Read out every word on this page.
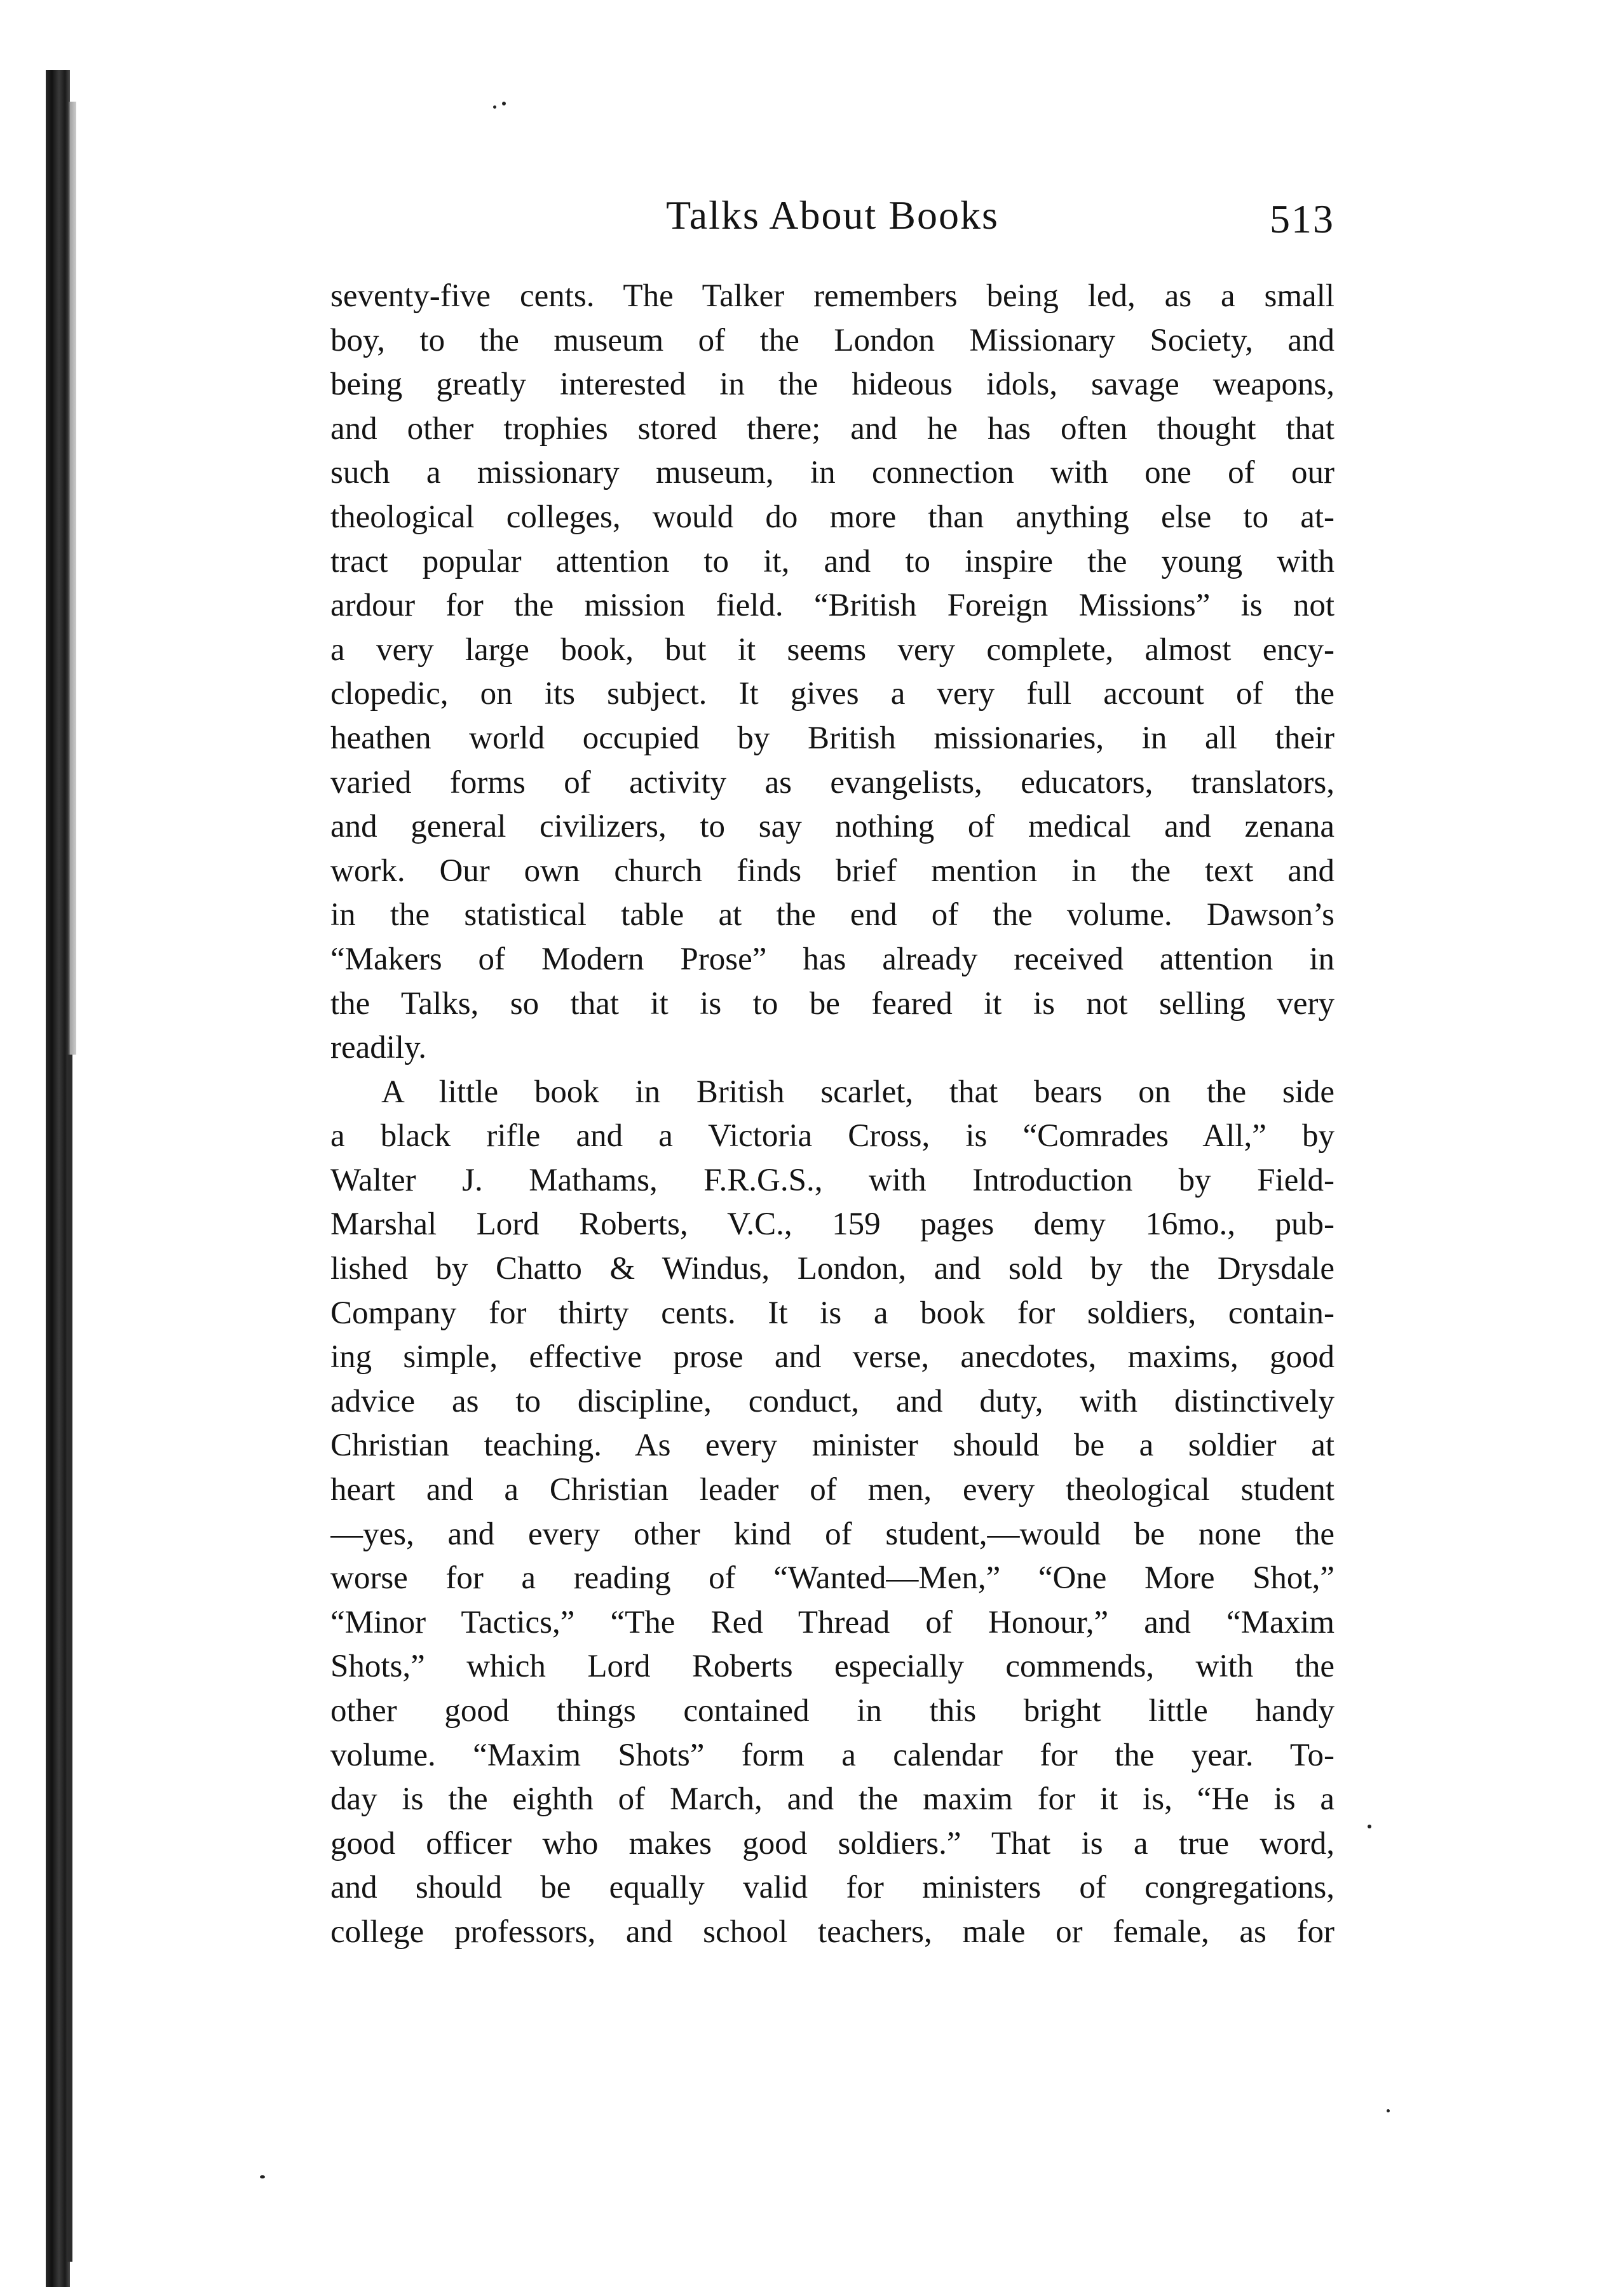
Talks About Books	513
seventy-five cents. The Talker remembers being led, as a small
boy, to the museum of the London Missionary Society, and
being greatly interested in the hideous idols, savage weapons,
and other trophies stored there; and he has often thought that
such a missionary museum, in connection with one of our
theological colleges, would do more than anything else to at-
tract popular attention to it, and to inspire the young with
ardour for the mission field. “British Foreign Missions” is not
a very large book, but it seems very complete, almost ency-
clopedic, on its subject. It gives a very full account of the
heathen world occupied by British missionaries, in all their
varied forms of activity as evangelists, educators, translators,
and general civilizers, to say nothing of medical and zenana
work. Our own church finds brief mention in the text and
in the statistical table at the end of the volume. Dawson’s
“Makers of Modern Prose” has already received attention in
the Talks, so that it is to be feared it is not selling very
readily.
A little book in British scarlet, that bears on the side
a black rifle and a Victoria Cross, is “Comrades All,” by
Walter J. Mathams, F.R.G.S., with Introduction by Field-
Marshal Lord Roberts, V.C., 159 pages demy 16mo., pub-
lished by Chatto & Windus, London, and sold by the Drysdale
Company for thirty cents. It is a book for soldiers, contain-
ing simple, effective prose and verse, anecdotes, maxims, good
advice as to discipline, conduct, and duty, with distinctively
Christian teaching. As every minister should be a soldier at
heart and a Christian leader of men, every theological student
—yes, and every other kind of student,—would be none the
worse for a reading of “Wanted—Men,” “One More Shot,”
“Minor Tactics,” “The Red Thread of Honour,” and “Maxim
Shots,” which Lord Roberts especially commends, with the
other good things contained in this bright little handy
volume. “Maxim Shots” form a calendar for the year. To-
day is the eighth of March, and the maxim for it is, “He is a
good officer who makes good soldiers.” That is a true word,
and should be equally valid for ministers of congregations,
college professors, and school teachers, male or female, as for
